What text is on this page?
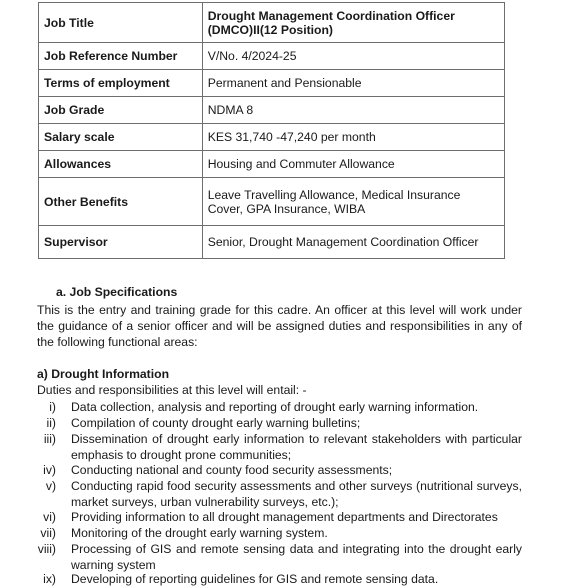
Job Title	Drought Management Coordination Officer (DMCO)II(12 Position)
Job Reference Number	V/No. 4/2024-25
Terms of employment	Permanent and Pensionable
Job Grade	NDMA 8
Salary scale	KES 31,740 -47,240 per month
Allowances	Housing and Commuter Allowance
Other Benefits	Leave Travelling Allowance, Medical Insurance Cover, GPA Insurance, WIBA
Supervisor	Senior, Drought Management Coordination Officer
a. Job Specifications
This is the entry and training grade for this cadre. An officer at this level will work under the guidance of a senior officer and will be assigned duties and responsibilities in any of the following functional areas:
a) Drought Information
Duties and responsibilities at this level will entail: -
i) Data collection, analysis and reporting of drought early warning information.
ii) Compilation of county drought early warning bulletins;
iii) Dissemination of drought early information to relevant stakeholders with particular emphasis to drought prone communities;
iv) Conducting national and county food security assessments;
v) Conducting rapid food security assessments and other surveys (nutritional surveys, market surveys, urban vulnerability surveys, etc.);
vi) Providing information to all drought management departments and Directorates
vii) Monitoring of the drought early warning system.
viii) Processing of GIS and remote sensing data and integrating into the drought early warning system
ix) Developing of reporting guidelines for GIS and remote sensing data.
